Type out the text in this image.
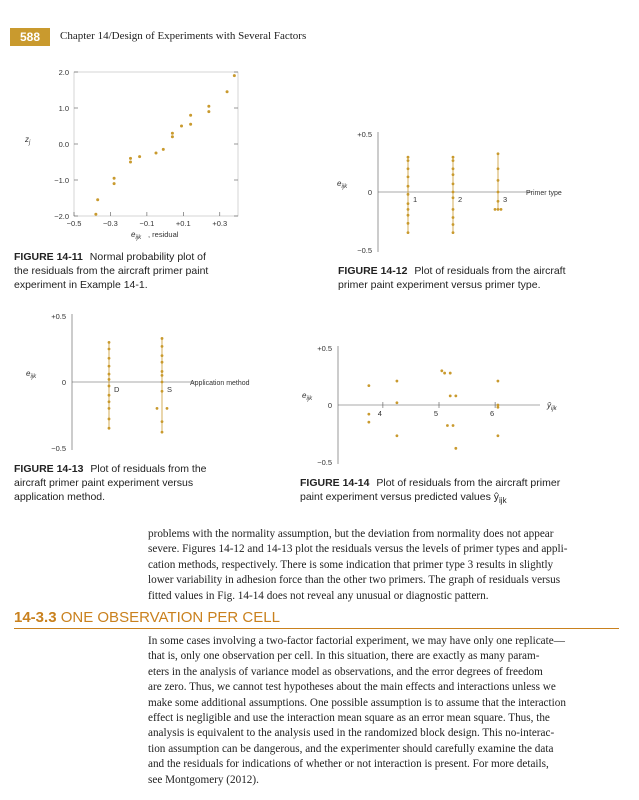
588	Chapter 14/Design of Experiments with Several Factors
2.0
1.0
0.0
−1.0
−2.0
−0.5	−0.3	−0.1	+0.1	+0.3
$z_j$
$e_{ijk}$ , residual
+0.5
0
−0.5
1	2	3
Primer type
$e_{ijk}$
+0.5
0
−0.5
D	S
Application method
$e_{ijk}$
+0.5
0
−0.5
4	5	6
$e_{ijk}$
$ŷ_{ijk}$
FIGURE 14-11 Normal probability plot of
the residuals from the aircraft primer paint
experiment in Example 14-1.
FIGURE 14-12 Plot of residuals from the aircraft
primer paint experiment versus primer type.
FIGURE 14-13 Plot of residuals from the
aircraft primer paint experiment versus
application method.
FIGURE 14-14 Plot of residuals from the aircraft primer
paint experiment versus predicted values $ŷ_{ijk}$
problems with the normality assumption, but the deviation from normality does not appear
severe. Figures 14-12 and 14-13 plot the residuals versus the levels of primer types and appli-
cation methods, respectively. There is some indication that primer type 3 results in slightly
lower variability in adhesion force than the other two primers. The graph of residuals versus
fitted values in Fig. 14-14 does not reveal any unusual or diagnostic pattern.
14-3.3 ONE OBSERVATION PER CELL
In some cases involving a two-factor factorial experiment, we may have only one replicate—
that is, only one observation per cell. In this situation, there are exactly as many param-
eters in the analysis of variance model as observations, and the error degrees of freedom
are zero. Thus, we cannot test hypotheses about the main effects and interactions unless we
make some additional assumptions. One possible assumption is to assume that the interaction
effect is negligible and use the interaction mean square as an error mean square. Thus, the
analysis is equivalent to the analysis used in the randomized block design. This no-interac-
tion assumption can be dangerous, and the experimenter should carefully examine the data
and the residuals for indications of whether or not interaction is present. For more details,
see Montgomery (2012).
